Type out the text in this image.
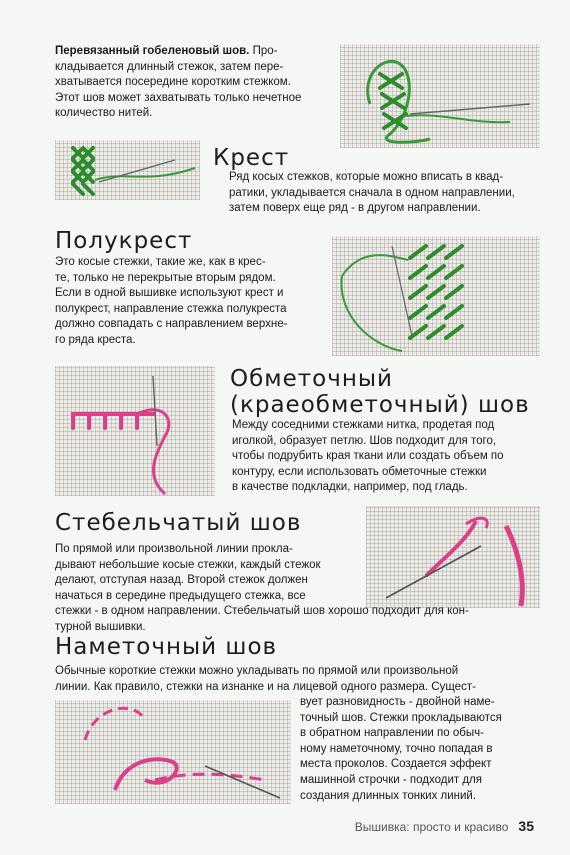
Перевязанный гобеленовый шов. Про-
кладывается длинный стежок, затем пере-
хватывается посередине коротким стежком.
Этот шов может захватывать только нечетное
количество нитей.
Крест
Ряд косых стежков, которые можно вписать в квад-
ратики, укладывается сначала в одном направлении,
затем поверх еще ряд - в другом направлении.
Полукрест
Это косые стежки, такие же, как в крес-
те, только не перекрытые вторым рядом.
Если в одной вышивке используют крест и
полукрест, направление стежка полукреста
должно совпадать с направлением верхне-
го ряда креста.
Обметочный
(краеобметочный) шов
Между соседними стежками нитка, продетая под
иголкой, образует петлю. Шов подходит для того,
чтобы подрубить края ткани или создать объем по
контуру, если использовать обметочные стежки
в качестве подкладки, например, под гладь.
Стебельчатый шов
По прямой или произвольной линии прокла-
дывают небольшие косые стежки, каждый стежок
делают, отступая назад. Второй стежок должен
начаться в середине предыдущего стежка, все
стежки - в одном направлении. Стебельчатый шов хорошо подходит для кон-
турной вышивки.
Наметочный шов
Обычные короткие стежки можно укладывать по прямой или произвольной
линии. Как правило, стежки на изнанке и на лицевой одного размера. Сущест-
вует разновидность - двойной наме-
точный шов. Стежки прокладываются
в обратном направлении по обыч-
ному наметочному, точно попадая в
места проколов. Создается эффект
машинной строчки - подходит для
создания длинных тонких линий.
Вышивка: просто и красиво 35
